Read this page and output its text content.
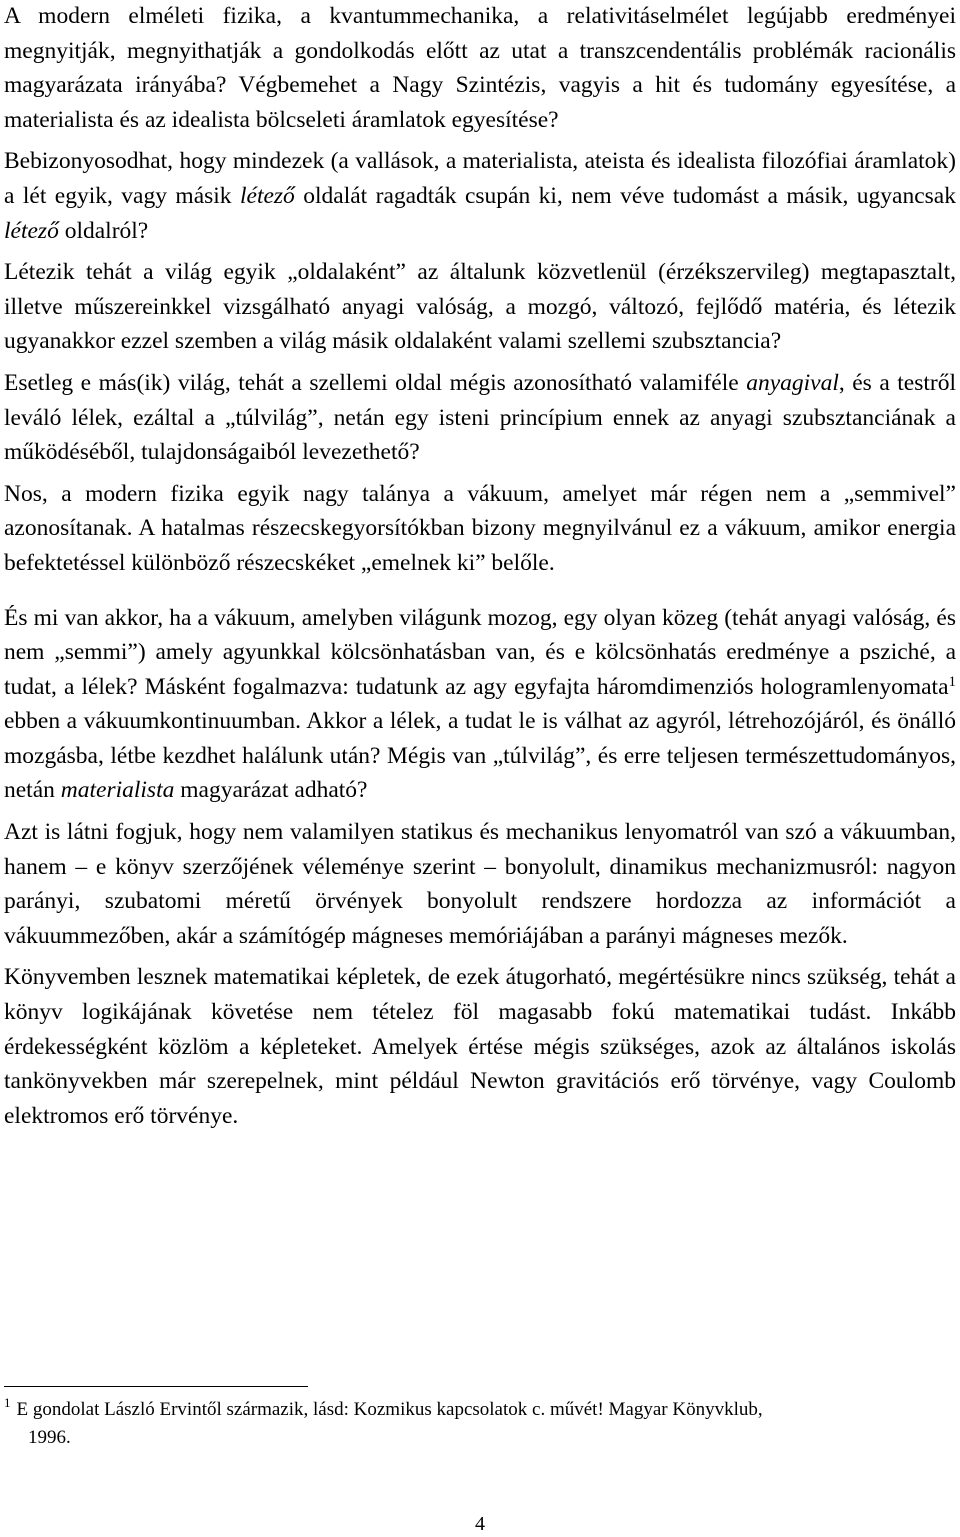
A modern elméleti fizika, a kvantummechanika, a relativitáselmélet legújabb eredményei megnyitják, megnyithatják a gondolkodás előtt az utat a transzcendentális problémák racionális magyarázata irányába? Végbemehet a Nagy Szintézis, vagyis a hit és tudomány egyesítése, a materialista és az idealista bölcseleti áramlatok egyesítése?

Bebizonyosodhat, hogy mindezek (a vallások, a materialista, ateista és idealista filozófiai áramlatok) a lét egyik, vagy másik létező oldalát ragadták csupán ki, nem véve tudomást a másik, ugyancsak létező oldalról?

Létezik tehát a világ egyik „oldalaként” az általunk közvetlenül (érzékszervileg) megtapasztalt, illetve műszereinkkel vizsgálható anyagi valóság, a mozgó, változó, fejlődő matéria, és létezik ugyanakkor ezzel szemben a világ másik oldalaként valami szellemi szubsztancia?

Esetleg e más(ik) világ, tehát a szellemi oldal mégis azonosítható valamiféle anyagival, és a testről leváló lélek, ezáltal a „túlvilág”, netán egy isteni princípium ennek az anyagi szubsztanciának a működéséből, tulajdonságaiból levezethető?

Nos, a modern fizika egyik nagy talánya a vákuum, amelyet már régen nem a „semmivel” azonosítanak. A hatalmas részecskegyorsítókban bizony megnyilvánul ez a vákuum, amikor energia befektetéssel különböző részecskéket „emelnek ki” belőle.

És mi van akkor, ha a vákuum, amelyben világunk mozog, egy olyan közeg (tehát anyagi valóság, és nem „semmi”) amely agyunkkal kölcsönhatásban van, és e kölcsönhatás eredménye a psziché, a tudat, a lélek? Másként fogalmazva: tudatunk az agy egyfajta háromdimenziós hologramlenyomata$^1$ ebben a vákuumkontinuumban. Akkor a lélek, a tudat le is válhat az agyról, létrehozójáról, és önálló mozgásba, létbe kezdhet halálunk után? Mégis van „túlvilág”, és erre teljesen természettudományos, netán materialista magyarázat adható?

Azt is látni fogjuk, hogy nem valamilyen statikus és mechanikus lenyomatról van szó a vákuumban, hanem – e könyv szerzőjének véleménye szerint – bonyolult, dinamikus mechanizmusról: nagyon parányi, szubatomi méretű örvények bonyolult rendszere hordozza az információt a vákuummezőben, akár a számítógép mágneses memóriájában a parányi mágneses mezők.

Könyvemben lesznek matematikai képletek, de ezek átugorható, megértésükre nincs szükség, tehát a könyv logikájának követése nem tételez föl magasabb fokú matematikai tudást. Inkább érdekességként közlöm a képleteket. Amelyek értése mégis szükséges, azok az általános iskolás tankönyvekben már szerepelnek, mint például Newton gravitációs erő törvénye, vagy Coulomb elektromos erő törvénye.

$^1$ E gondolat László Ervintől származik, lásd: Kozmikus kapcsolatok c. művét! Magyar Könyvklub,
1996.
4
